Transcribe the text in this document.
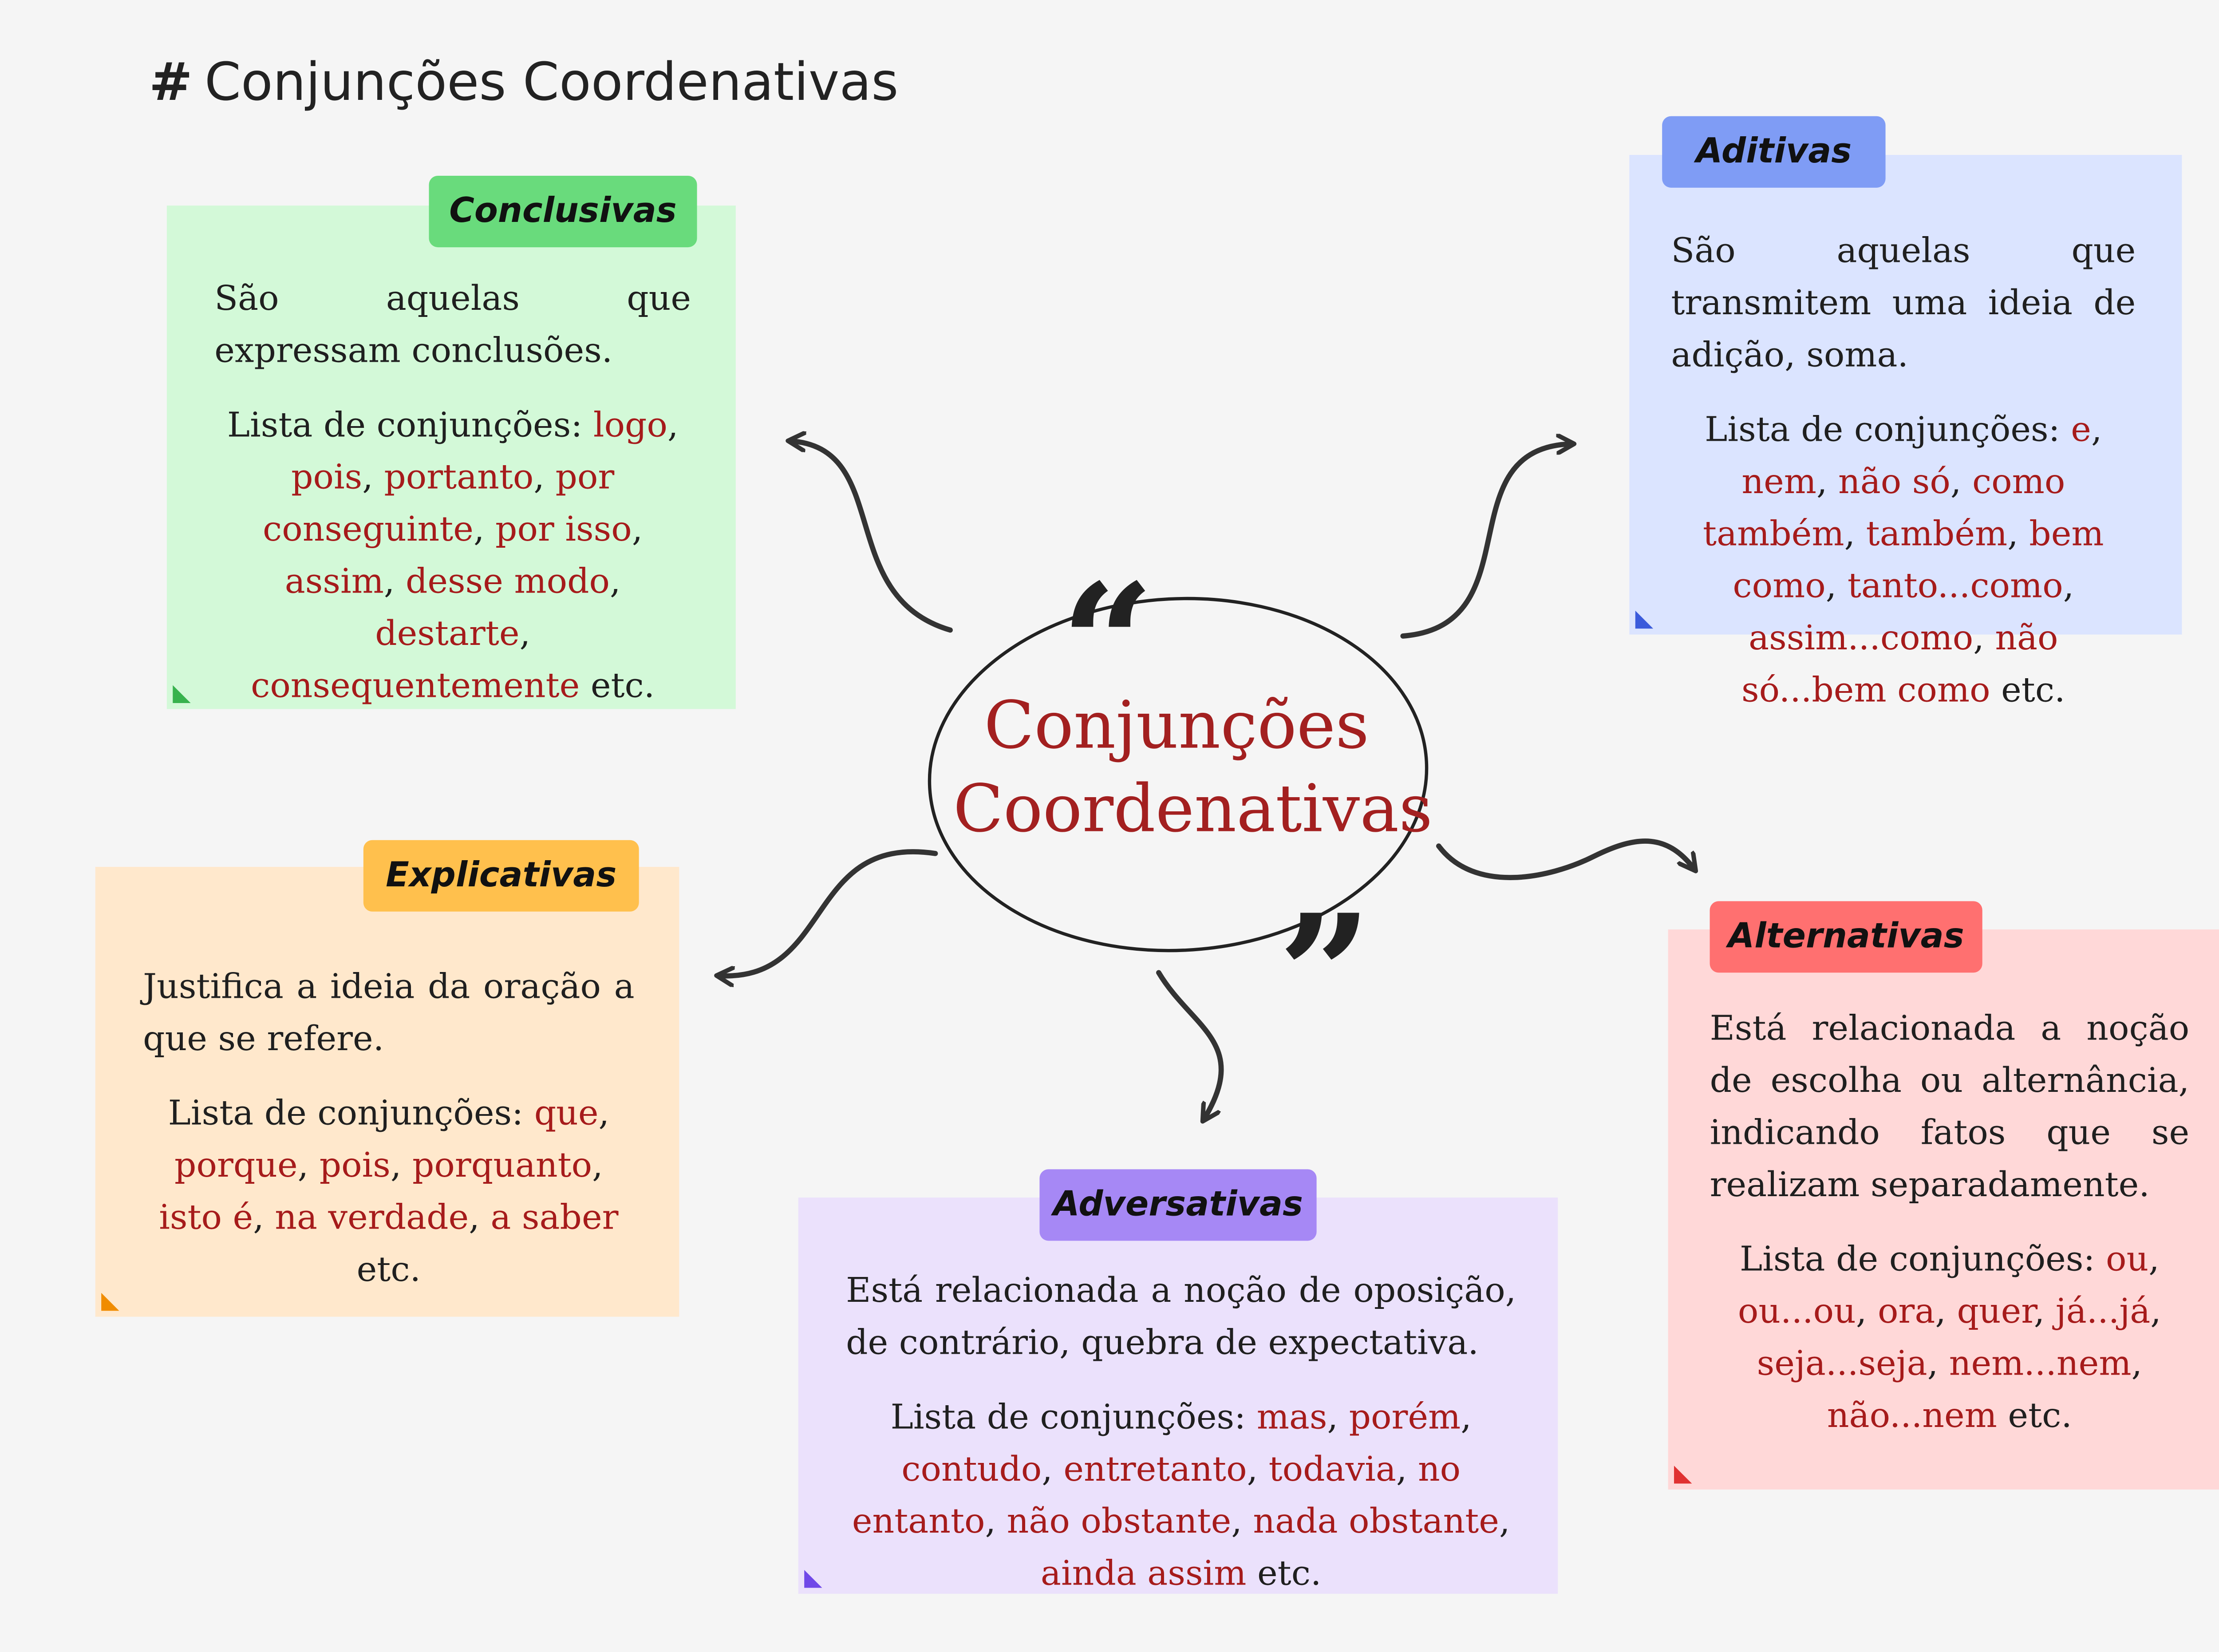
# Conjunções Coordenativas
“
”
Conjunções
Coordenativas
São aquelas que expressam conclusões.
Lista de conjunções: logo, pois, portanto, por conseguinte, por isso, assim, desse modo, destarte, consequentemente etc.
Conclusivas
São aquelas que transmitem uma ideia de adição, soma.
Lista de conjunções: e, nem, não só, como também, também, bem como, tanto...como, assim...como, não só...bem como etc.
Aditivas
Justifica a ideia da oração a que se refere.
Lista de conjunções: que, porque, pois, porquanto, isto é, na verdade, a saber etc.
Explicativas
Está relacionada a noção de escolha ou alternância, indicando fatos que se realizam separadamente.
Lista de conjunções: ou, ou...ou, ora, quer, já...já, seja...seja, nem...nem, não...nem etc.
Alternativas
Está relacionada a noção de oposição, de contrário, quebra de expectativa.
Lista de conjunções: mas, porém, contudo, entretanto, todavia, no entanto, não obstante, nada obstante, ainda assim etc.
Adversativas
